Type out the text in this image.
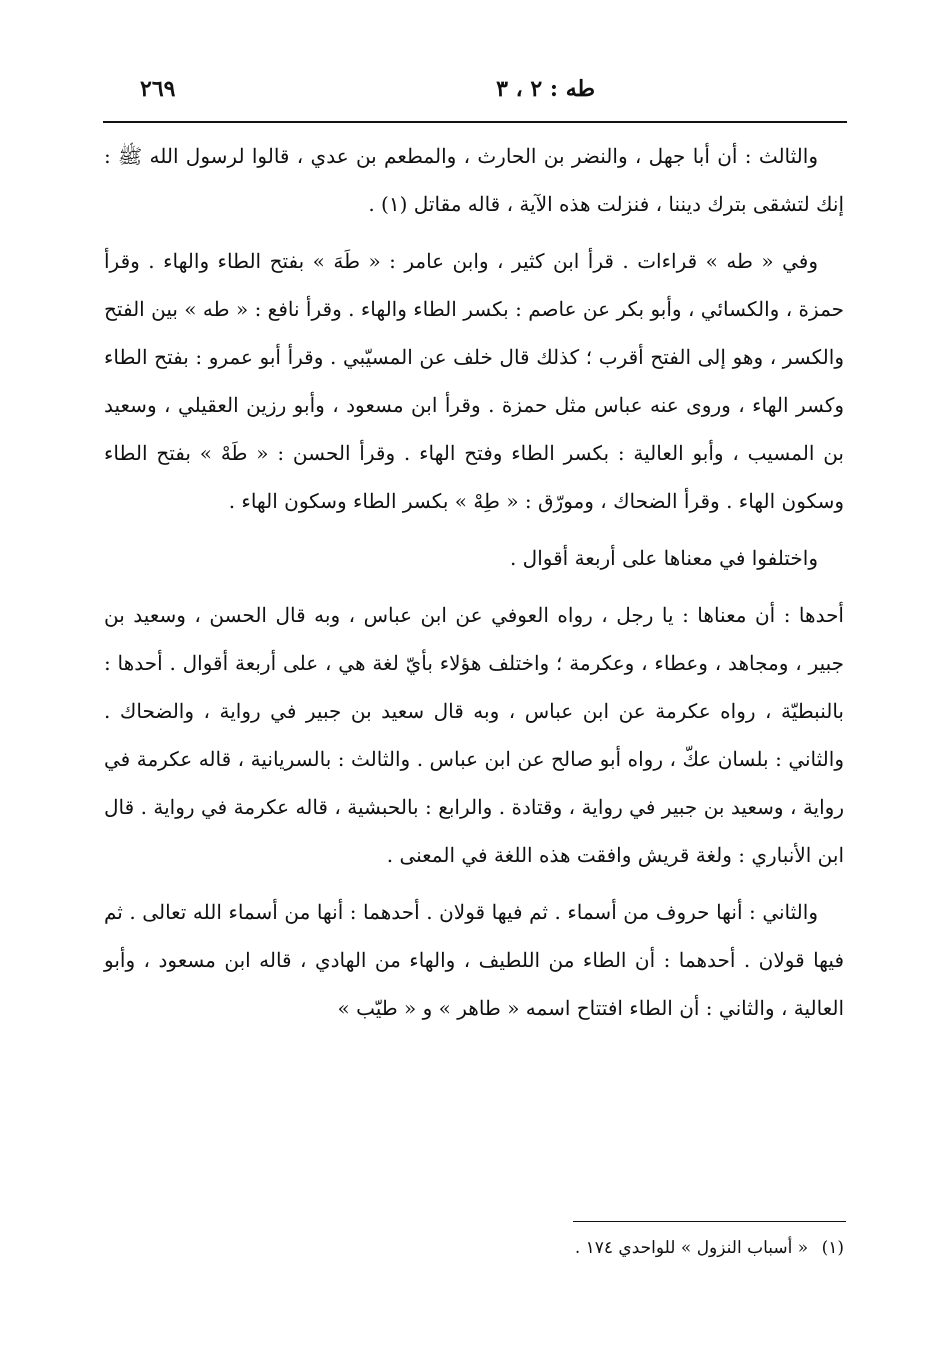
طه : ٢ ، ٣
٢٦٩

والثالث : أن أبا جهل ، والنضر بن الحارث ، والمطعم بن عدي ، قالوا لرسول الله ﷺ : إنك لتشقى بترك ديننا ، فنزلت هذه الآية ، قاله مقاتل (١) .

وفي « طه » قراءات . قرأ ابن كثير ، وابن عامر : « طَهَ » بفتح الطاء والهاء . وقرأ حمزة ، والكسائي ، وأبو بكر عن عاصم : بكسر الطاء والهاء . وقرأ نافع : « طه » بين الفتح والكسر ، وهو إلى الفتح أقرب ؛ كذلك قال خلف عن المسيّبي . وقرأ أبو عمرو : بفتح الطاء وكسر الهاء ، وروى عنه عباس مثل حمزة . وقرأ ابن مسعود ، وأبو رزين العقيلي ، وسعيد بن المسيب ، وأبو العالية : بكسر الطاء وفتح الهاء . وقرأ الحسن : « طَهْ » بفتح الطاء وسكون الهاء . وقرأ الضحاك ، ومورّق : « طِهْ » بكسر الطاء وسكون الهاء .

واختلفوا في معناها على أربعة أقوال .

أحدها : أن معناها : يا رجل ، رواه العوفي عن ابن عباس ، وبه قال الحسن ، وسعيد بن جبير ، ومجاهد ، وعطاء ، وعكرمة ؛ واختلف هؤلاء بأيّ لغة هي ، على أربعة أقوال . أحدها : بالنبطيّة ، رواه عكرمة عن ابن عباس ، وبه قال سعيد بن جبير في رواية ، والضحاك . والثاني : بلسان عكّ ، رواه أبو صالح عن ابن عباس . والثالث : بالسريانية ، قاله عكرمة في رواية ، وسعيد بن جبير في رواية ، وقتادة . والرابع : بالحبشية ، قاله عكرمة في رواية . قال ابن الأنباري : ولغة قريش وافقت هذه اللغة في المعنى .

والثاني : أنها حروف من أسماء . ثم فيها قولان . أحدهما : أنها من أسماء الله تعالى . ثم فيها قولان . أحدهما : أن الطاء من اللطيف ، والهاء من الهادي ، قاله ابن مسعود ، وأبو العالية ، والثاني : أن الطاء افتتاح اسمه « طاهر » و « طيّب »

(١) « أسباب النزول » للواحدي ١٧٤ .
